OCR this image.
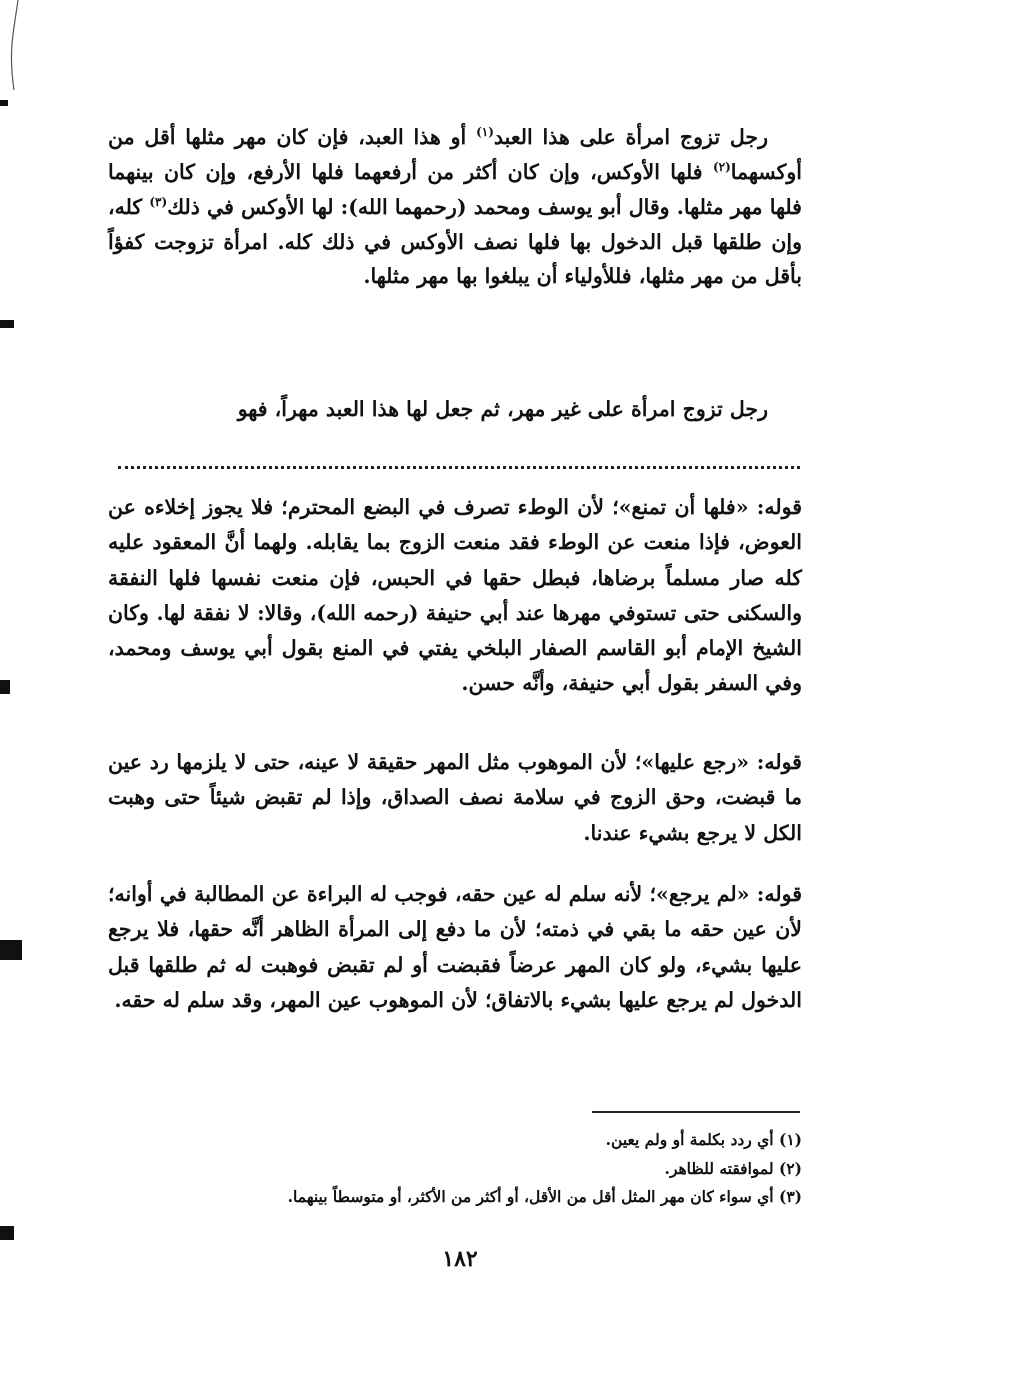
رجل تزوج امرأة على هذا العبد$^{(١)}$ أو هذا العبد، فإن كان مهر مثلها أقل من أوكسهما$^{(٢)}$ فلها الأوكس، وإن كان أكثر من أرفعهما فلها الأرفع، وإن كان بينهما فلها مهر مثلها. وقال أبو يوسف ومحمد (رحمهما الله): لها الأوكس في ذلك$^{(٣)}$ كله، وإن طلقها قبل الدخول بها فلها نصف الأوكس في ذلك كله. امرأة تزوجت كفؤاً بأقل من مهر مثلها، فللأولياء أن يبلغوا بها مهر مثلها.

رجل تزوج امرأة على غير مهر، ثم جعل لها هذا العبد مهراً، فهو

قوله: «فلها أن تمنع»؛ لأن الوطء تصرف في البضع المحترم؛ فلا يجوز إخلاءه عن العوض، فإذا منعت عن الوطء فقد منعت الزوج بما يقابله. ولهما أنَّ المعقود عليه كله صار مسلماً برضاها، فبطل حقها في الحبس، فإن منعت نفسها فلها النفقة والسكنى حتى تستوفي مهرها عند أبي حنيفة (رحمه الله)، وقالا: لا نفقة لها. وكان الشيخ الإمام أبو القاسم الصفار البلخي يفتي في المنع بقول أبي يوسف ومحمد، وفي السفر بقول أبي حنيفة، وأنَّه حسن.

قوله: «رجع عليها»؛ لأن الموهوب مثل المهر حقيقة لا عينه، حتى لا يلزمها رد عين ما قبضت، وحق الزوج في سلامة نصف الصداق، وإذا لم تقبض شيئاً حتى وهبت الكل لا يرجع بشيء عندنا.

قوله: «لم يرجع»؛ لأنه سلم له عين حقه، فوجب له البراءة عن المطالبة في أوانه؛ لأن عين حقه ما بقي في ذمته؛ لأن ما دفع إلى المرأة الظاهر أنَّه حقها، فلا يرجع عليها بشيء، ولو كان المهر عرضاً فقبضت أو لم تقبض فوهبت له ثم طلقها قبل الدخول لم يرجع عليها بشيء بالاتفاق؛ لأن الموهوب عين المهر، وقد سلم له حقه.

(١) أي ردد بكلمة أو ولم يعين.
(٢) لموافقته للظاهر.
(٣) أي سواء كان مهر المثل أقل من الأقل، أو أكثر من الأكثر، أو متوسطاً بينهما.
١٨٢
